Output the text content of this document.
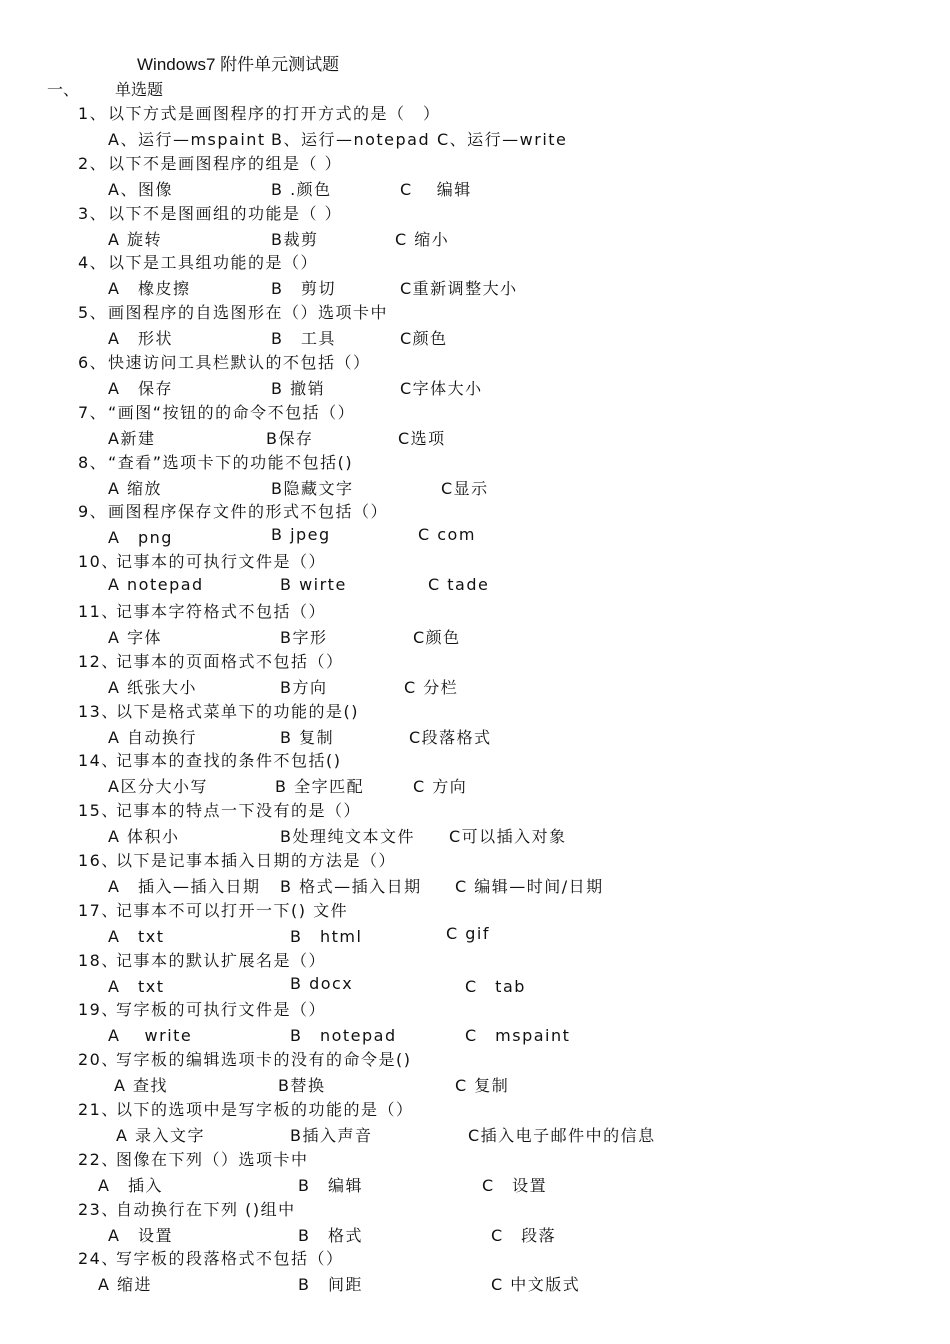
Windows7 附件单元测试题
一、 单选题
1、以下方式是画图程序的打开方式的是（　）
A、运行—mspaint B、运行—notepad C、运行—write
2、以下不是画图程序的组是（ ）
A、图像	B .颜色	C　 编辑
3、以下不是图画组的功能是（ ）
A 旋转	B裁剪	C 缩小
4、以下是工具组功能的是（）
A　橡皮擦	B　剪切	C重新调整大小
5、画图程序的自选图形在（）选项卡中
A　形状	B　工具	C颜色
6、快速访问工具栏默认的不包括（）
A　保存	B 撤销	C字体大小
7、“画图“按钮的的命令不包括（）
A新建	B保存	C选项
8、“查看”选项卡下的功能不包括()
A 缩放	B隐藏文字	C显示
9、画图程序保存文件的形式不包括（）
A　png	B jpeg	C com
10、记事本的可执行文件是（）
A notepad	B wirte	C tade
11、记事本字符格式不包括（）
A 字体	B字形	C颜色
12、记事本的页面格式不包括（）
A 纸张大小	B方向	C 分栏
13、以下是格式菜单下的功能的是()
A 自动换行	B 复制	C段落格式
14、记事本的查找的条件不包括()
A区分大小写	B 全字匹配	C 方向
15、记事本的特点一下没有的是（）
A 体积小	B处理纯文本文件 C可以插入对象
16、以下是记事本插入日期的方法是（）
A　插入—插入日期 B 格式—插入日期 C 编辑—时间/日期
17、记事本不可以打开一下() 文件
A　txt	B　html	C gif
18、记事本的默认扩展名是（）
A　txt	B docx	C　tab
19、写字板的可执行文件是（）
A　 write	B　notepad	C　mspaint
20、写字板的编辑选项卡的没有的命令是()
A 查找	B替换	C 复制
21、以下的选项中是写字板的功能的是（）
A 录入文字	B插入声音	C插入电子邮件中的信息
22、图像在下列（）选项卡中
A　插入	B　编辑	C　设置
23、自动换行在下列 ()组中
A　设置	B　格式	C　段落
24、写字板的段落格式不包括（）
A 缩进	B　间距	C 中文版式
